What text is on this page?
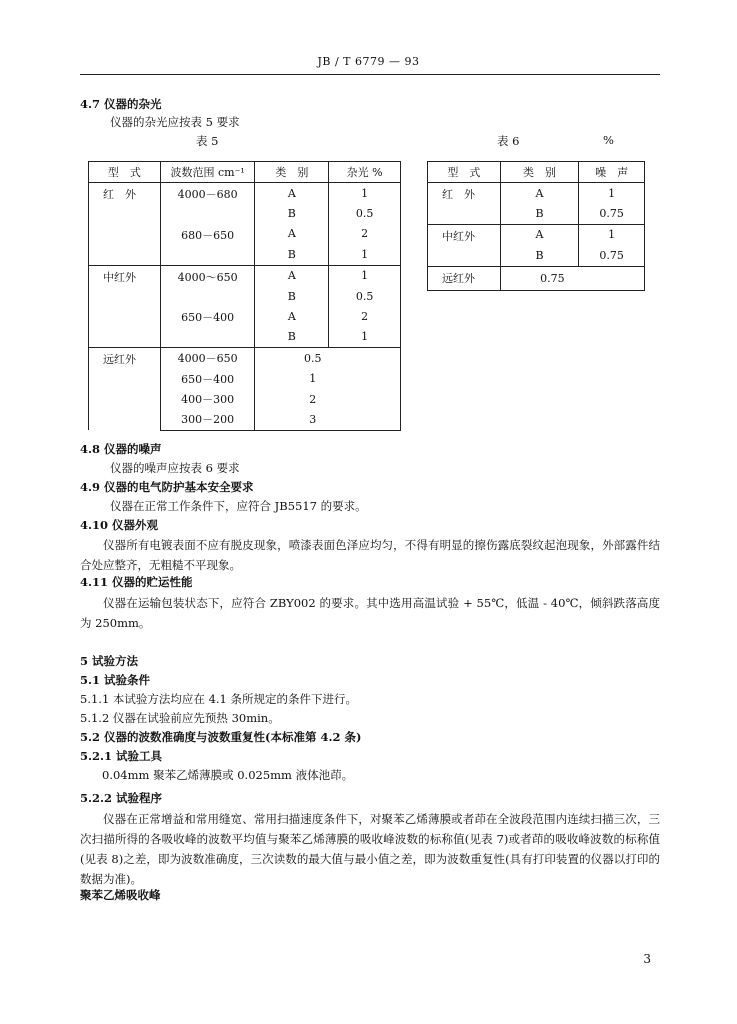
JB / T 6779 — 93
4.7 仪器的杂光
仪器的杂光应按表 5 要求
表 5	表 6	%
型　式	波数范围 cm⁻¹	类　别	杂光 %
红　外	4000－680	A	1
		B	0.5
	680－650	A	2
		B	1
中红外	4000～650	A	1
		B	0.5
	650－400	A	2
		B	1
远红外	4000－650	0.5	
	650－400	1	
	400－300	2	
	300－200	3	
型　式	类　别	噪　声
红　外	A	1
	B	0.75
中红外	A	1
	B	0.75
远红外	0.75	
4.8 仪器的噪声
仪器的噪声应按表 6 要求
4.9 仪器的电气防护基本安全要求
仪器在正常工作条件下，应符合 JB5517 的要求。
4.10 仪器外观
仪器所有电镀表面不应有脱皮现象，喷漆表面色泽应均匀，不得有明显的擦伤露底裂纹起泡现象，外部露件结合处应整齐，无粗糙不平现象。
4.11 仪器的贮运性能
仪器在运输包装状态下，应符合 ZBY002 的要求。其中选用高温试验 + 55℃，低温 - 40℃，倾斜跌落高度为 250mm。
5 试验方法
5.1 试验条件
5.1.1 本试验方法均应在 4.1 条所规定的条件下进行。
5.1.2 仪器在试验前应先预热 30min。
5.2 仪器的波数准确度与波数重复性(本标准第 4.2 条)
5.2.1 试验工具
0.04mm 聚苯乙烯薄膜或 0.025mm 液体池茚。
5.2.2 试验程序
仪器在正常增益和常用缝宽、常用扫描速度条件下，对聚苯乙烯薄膜或者茚在全波段范围内连续扫描三次，三次扫描所得的各吸收峰的波数平均值与聚苯乙烯薄膜的吸收峰波数的标称值(见表 7)或者茚的吸收峰波数的标称值(见表 8)之差，即为波数准确度，三次读数的最大值与最小值之差，即为波数重复性(具有打印装置的仪器以打印的数据为准)。
聚苯乙烯吸收峰
3
